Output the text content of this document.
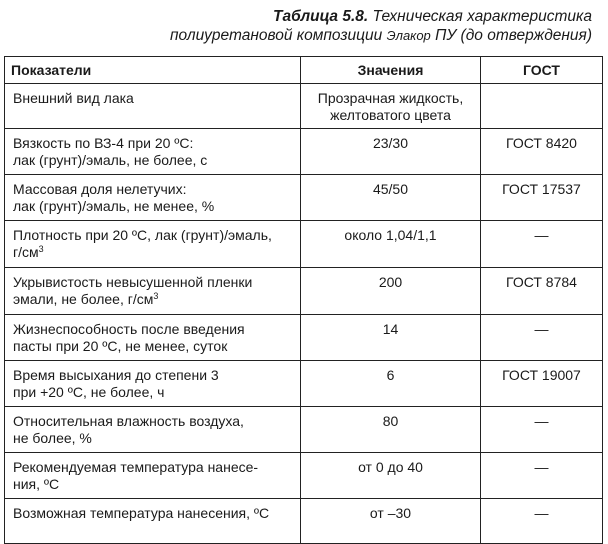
Таблица 5.8. Техническая характеристика
полиуретановой композиции Элакор ПУ (до отверждения)
Показатели	Значения	ГОСТ

Внешний вид лака	Прозрачная жидкость,
желтоватого цвета	

Вязкость по ВЗ-4 при 20 ºС:
лак (грунт)/эмаль, не более, с	23/30	ГОСТ 8420

Массовая доля нелетучих:
лак (грунт)/эмаль, не менее, %	45/50	ГОСТ 17537

Плотность при 20 ºС, лак (грунт)/эмаль,
$г/см^3$	около 1,04/1,1	—

Укрывистость невысушенной пленки
эмали, не более, $г/см^3$	200	ГОСТ 8784

Жизнеспособность после введения
пасты при 20 ºС, не менее, суток	14	—

Время высыхания до степени 3
при +20 ºС, не более, ч	6	ГОСТ 19007

Относительная влажность воздуха,
не более, %	80	—

Рекомендуемая температура нанесе-
ния, ºС	от 0 до 40	—

Возможная температура нанесения, ºС	от –30	—
